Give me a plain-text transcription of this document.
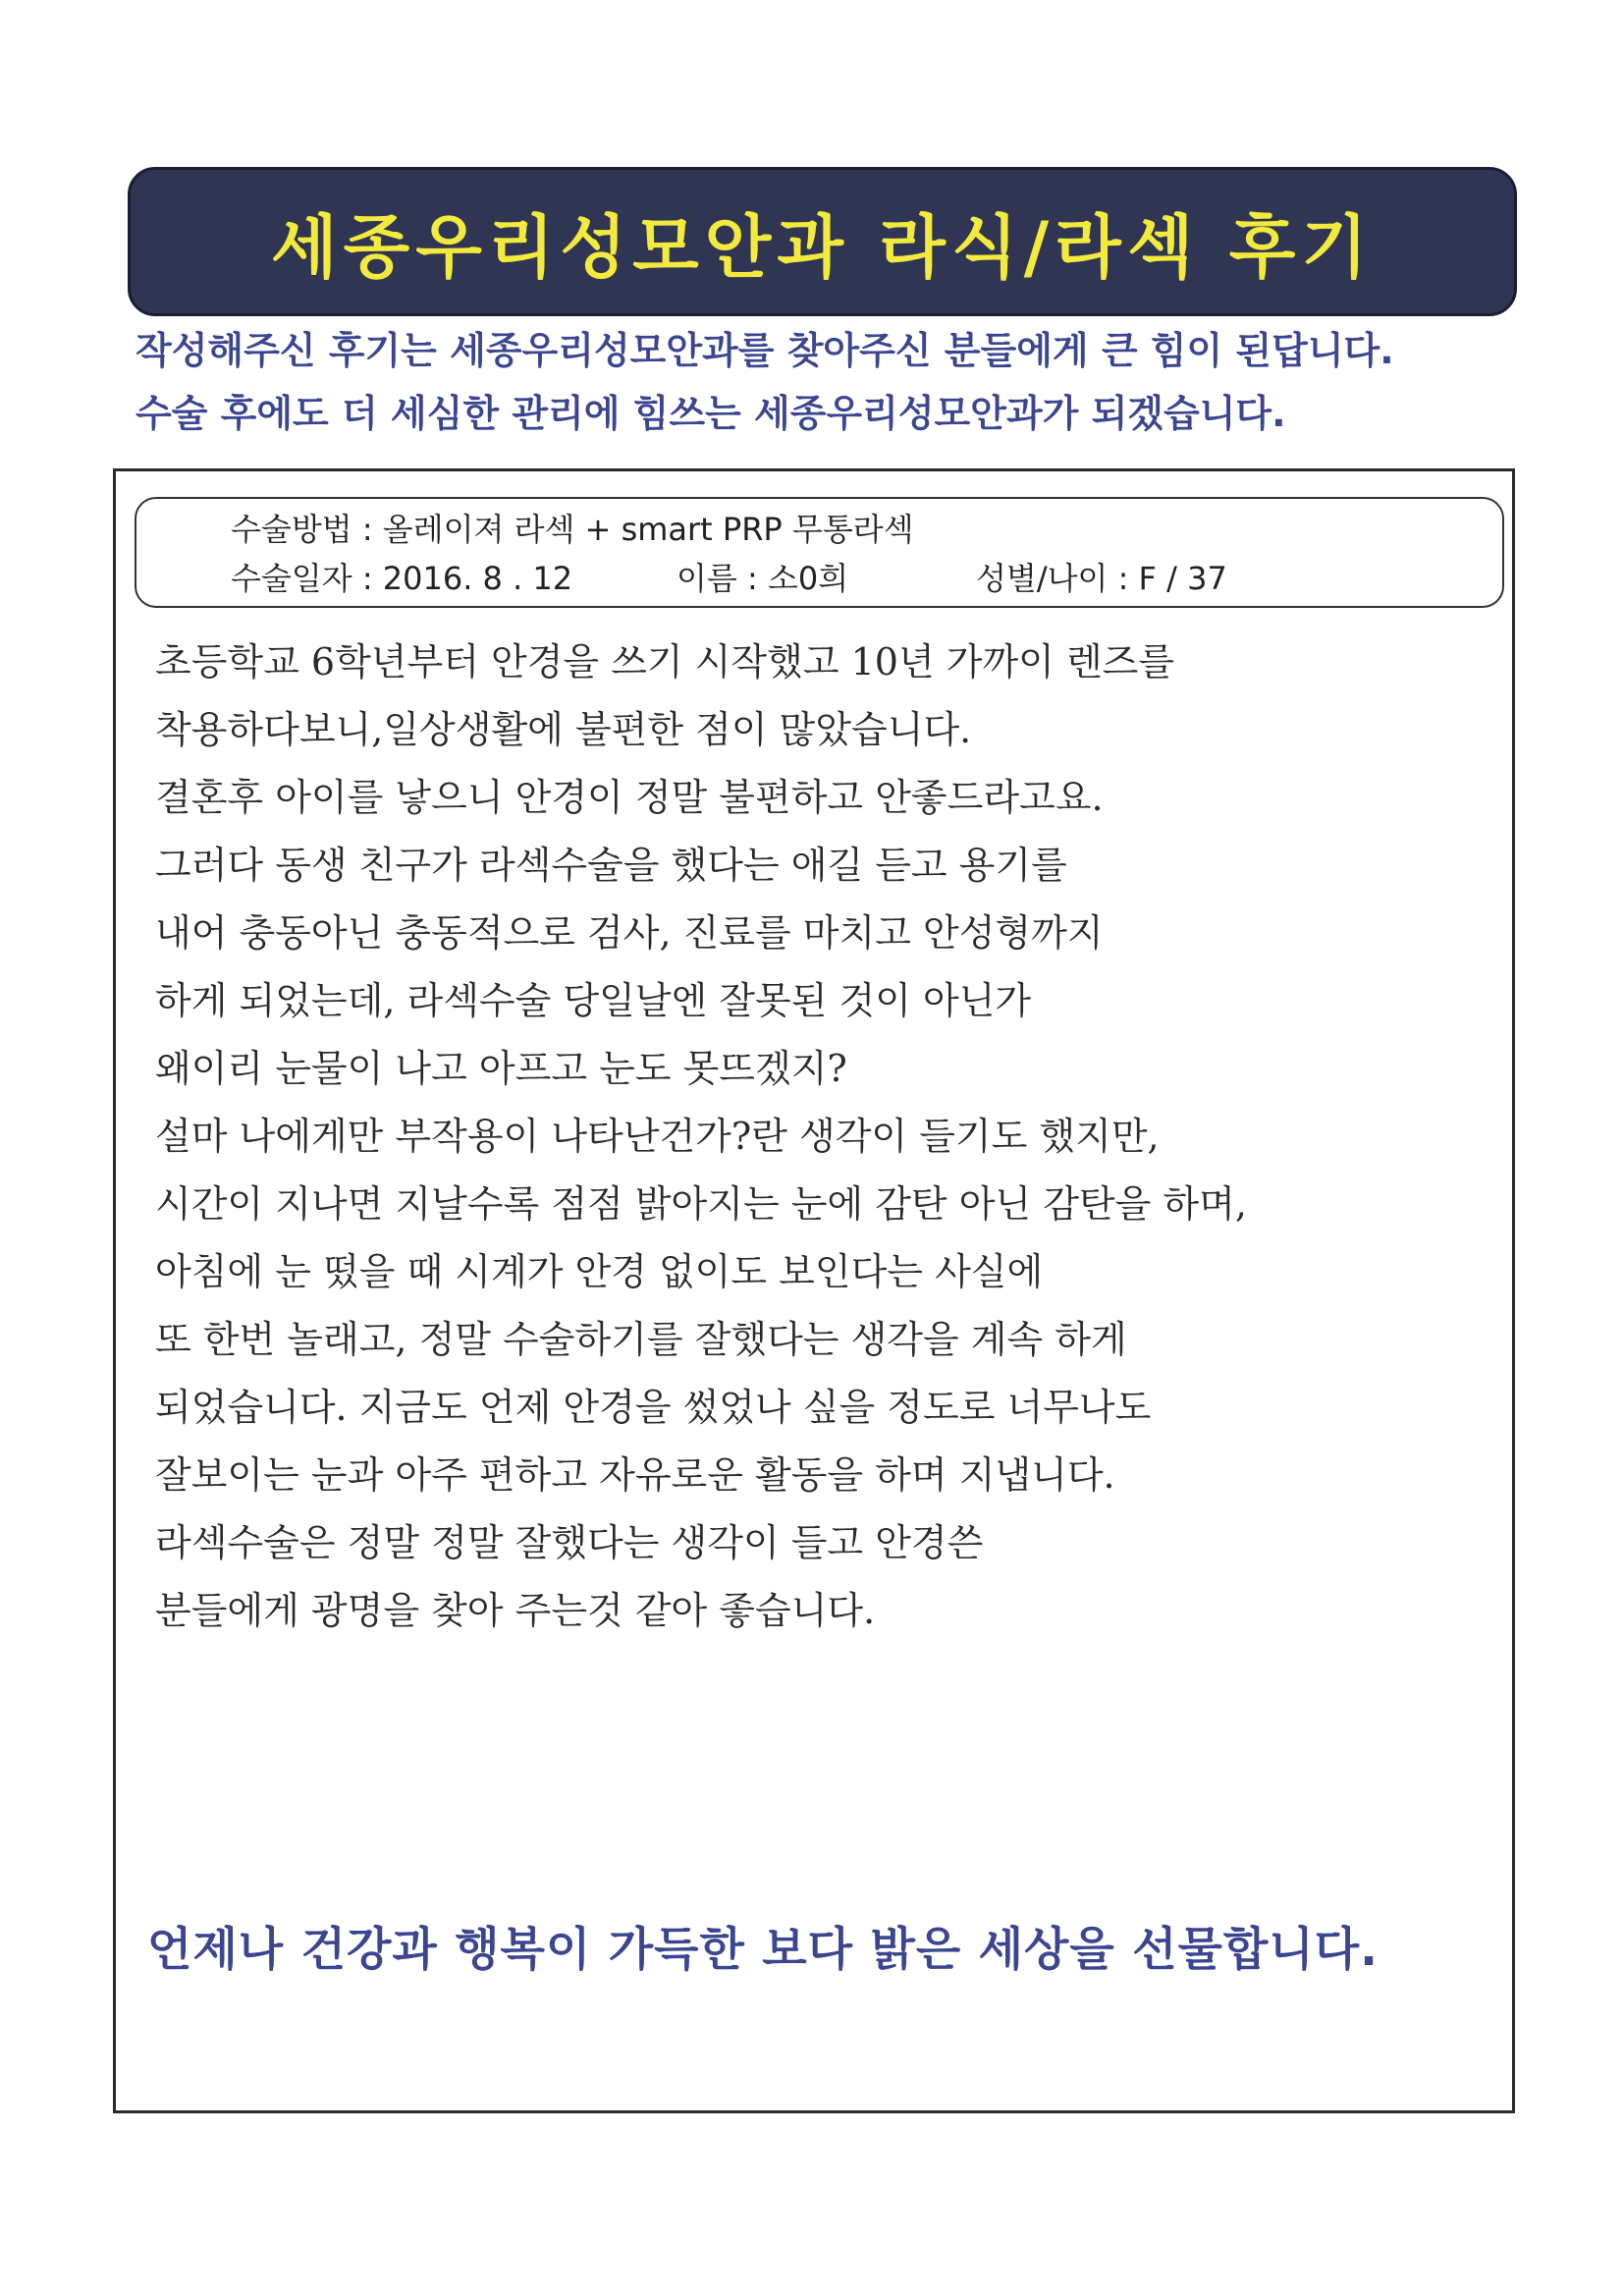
세종우리성모안과 라식/라섹 후기
작성해주신 후기는 세종우리성모안과를 찾아주신 분들에게 큰 힘이 된답니다.
수술 후에도 더 세심한 관리에 힘쓰는 세종우리성모안과가 되겠습니다.
수술방법 : 올레이져 라섹 + smart PRP 무통라섹
수술일자 : 2016. 8 . 12	이름 : 소0희	성별/나이 : F / 37
초등학교 6학년부터 안경을 쓰기 시작했고 10년 가까이 렌즈를
착용하다보니,일상생활에 불편한 점이 많았습니다.
결혼후 아이를 낳으니 안경이 정말 불편하고 안좋드라고요.
그러다 동생 친구가 라섹수술을 했다는 애길 듣고 용기를
내어 충동아닌 충동적으로 검사, 진료를 마치고 안성형까지
하게 되었는데, 라섹수술 당일날엔 잘못된 것이 아닌가
왜이리 눈물이 나고 아프고 눈도 못뜨겠지?
설마 나에게만 부작용이 나타난건가?란 생각이 들기도 했지만,
시간이 지나면 지날수록 점점 밝아지는 눈에 감탄 아닌 감탄을 하며,
아침에 눈 떴을 때 시계가 안경 없이도 보인다는 사실에
또 한번 놀래고, 정말 수술하기를 잘했다는 생각을 계속 하게
되었습니다. 지금도 언제 안경을 썼었나 싶을 정도로 너무나도
잘보이는 눈과 아주 편하고 자유로운 활동을 하며 지냅니다.
라섹수술은 정말 정말 잘했다는 생각이 들고 안경쓴
분들에게 광명을 찾아 주는것 같아 좋습니다.
언제나 건강과 행복이 가득한 보다 밝은 세상을 선물합니다.
